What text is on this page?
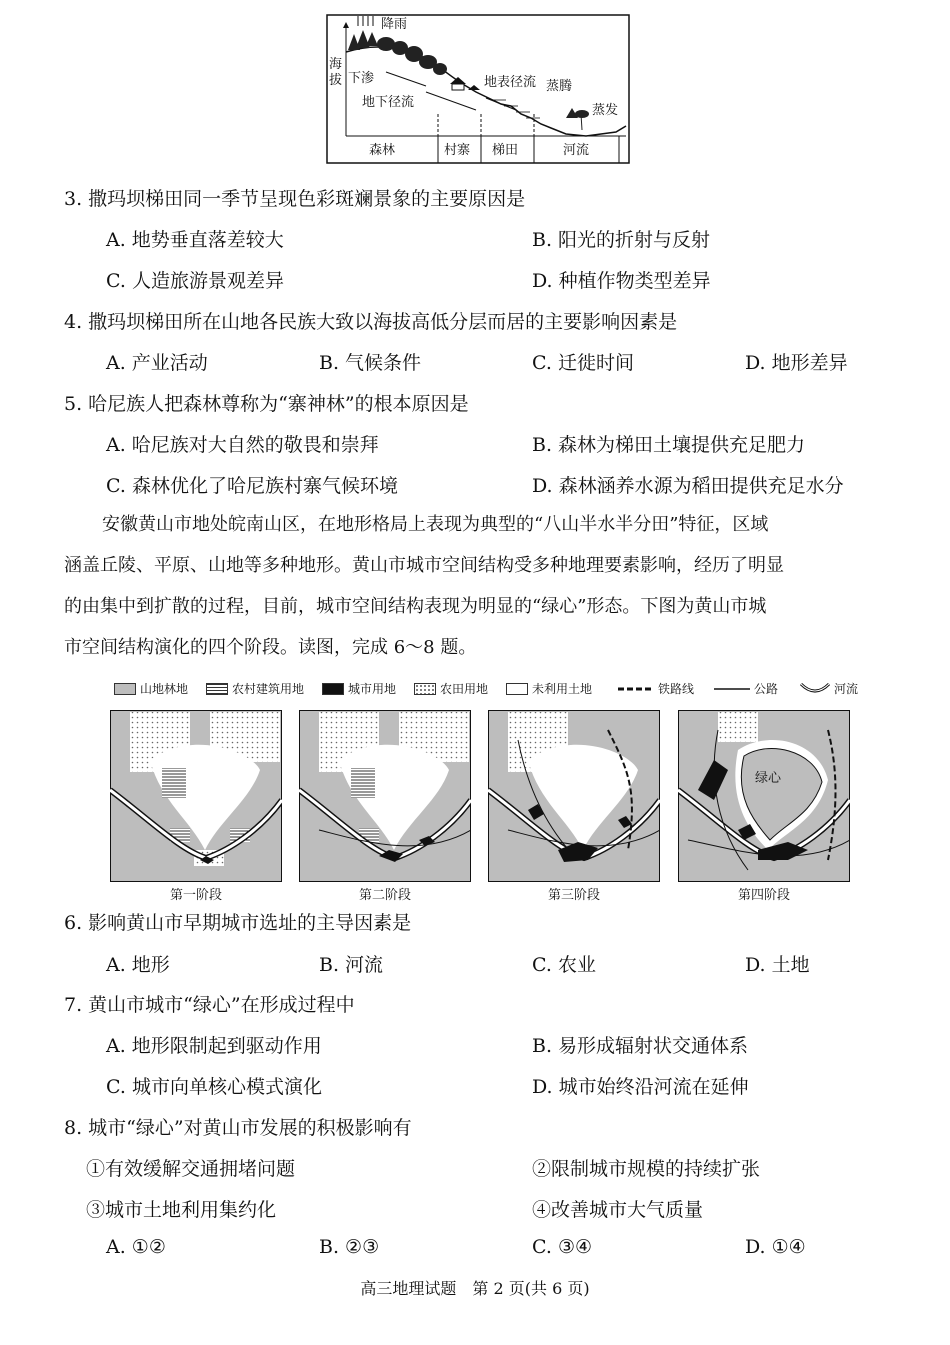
降雨
海
拔 下渗
地下径流
地表径流 蒸腾
蒸发
森林	村寨 梯田	河流
3. 撒玛坝梯田同一季节呈现色彩斑斓景象的主要原因是
A. 地势垂直落差较大	B. 阳光的折射与反射
C. 人造旅游景观差异	D. 种植作物类型差异
4. 撒玛坝梯田所在山地各民族大致以海拔高低分层而居的主要影响因素是
A. 产业活动	B. 气候条件	C. 迁徙时间	D. 地形差异
5. 哈尼族人把森林尊称为“寨神林”的根本原因是
A. 哈尼族对大自然的敬畏和崇拜	B. 森林为梯田土壤提供充足肥力
C. 森林优化了哈尼族村寨气候环境	D. 森林涵养水源为稻田提供充足水分
安徽黄山市地处皖南山区，在地形格局上表现为典型的“八山半水半分田”特征，区域
涵盖丘陵、平原、山地等多种地形。黄山市城市空间结构受多种地理要素影响，经历了明显
的由集中到扩散的过程，目前，城市空间结构表现为明显的“绿心”形态。下图为黄山市城
市空间结构演化的四个阶段。读图，完成 6～8 题。
山地林地	农村建筑用地	城市用地	农田用地	未利用土地	铁路线	公路	河流
绿心
第一阶段	第二阶段	第三阶段	第四阶段
6. 影响黄山市早期城市选址的主导因素是
A. 地形	B. 河流	C. 农业	D. 土地
7. 黄山市城市“绿心”在形成过程中
A. 地形限制起到驱动作用	B. 易形成辐射状交通体系
C. 城市向单核心模式演化	D. 城市始终沿河流在延伸
8. 城市“绿心”对黄山市发展的积极影响有
①有效缓解交通拥堵问题	②限制城市规模的持续扩张
③城市土地利用集约化	④改善城市大气质量
A. ①②	B. ②③	C. ③④	D. ①④
高三地理试题　第 2 页(共 6 页)
